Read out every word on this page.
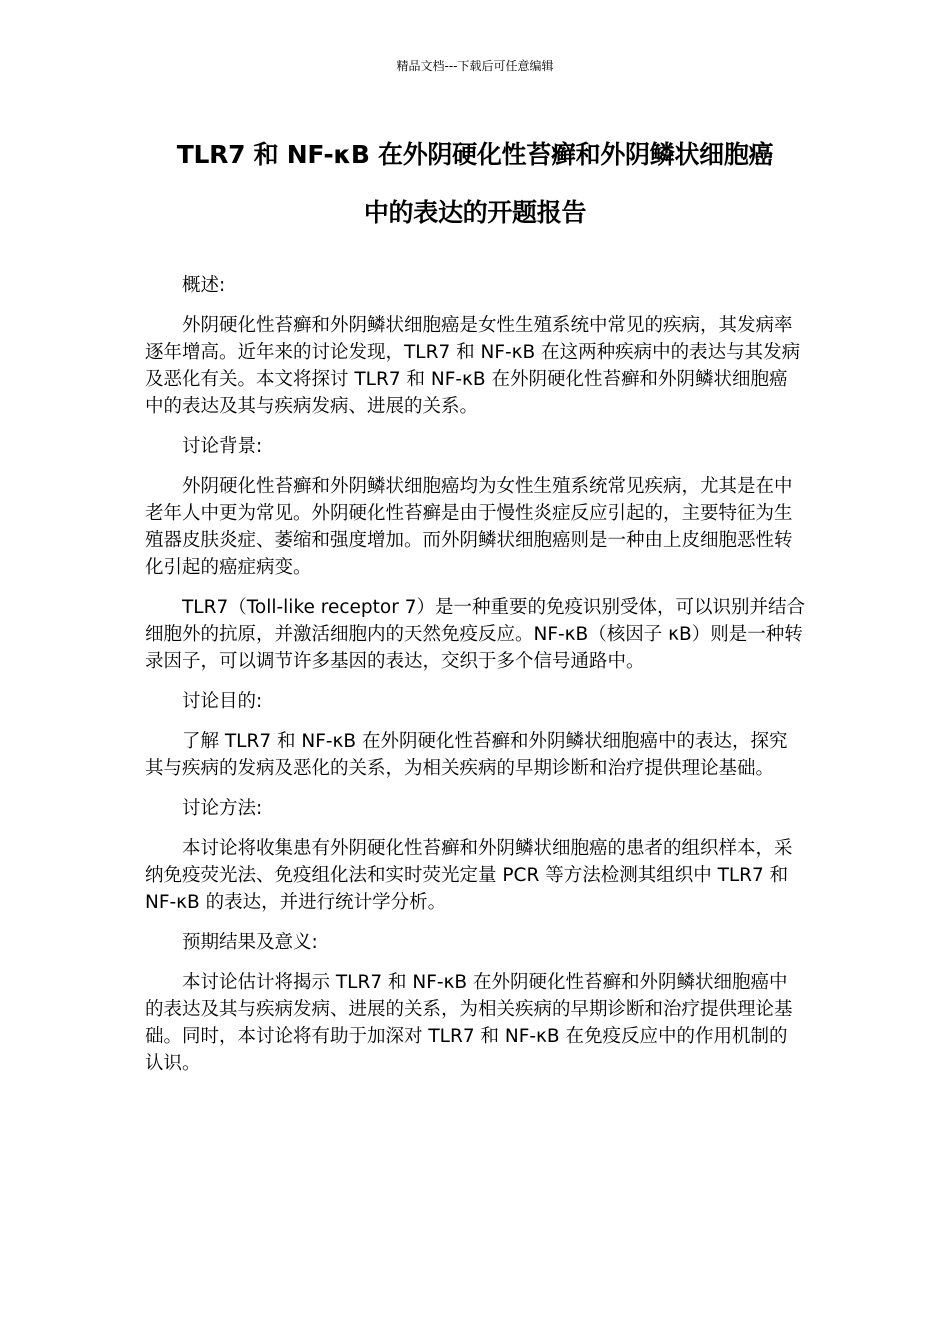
精品文档---下载后可任意编辑
TLR7 和 NF-κB 在外阴硬化性苔癣和外阴鳞状细胞癌
中的表达的开题报告

概述:

外阴硬化性苔癣和外阴鳞状细胞癌是女性生殖系统中常见的疾病，其发病率逐年增高。近年来的讨论发现，TLR7 和 NF-κB 在这两种疾病中的表达与其发病及恶化有关。本文将探讨 TLR7 和 NF-κB 在外阴硬化性苔癣和外阴鳞状细胞癌中的表达及其与疾病发病、进展的关系。

讨论背景:

外阴硬化性苔癣和外阴鳞状细胞癌均为女性生殖系统常见疾病，尤其是在中老年人中更为常见。外阴硬化性苔癣是由于慢性炎症反应引起的，主要特征为生殖器皮肤炎症、萎缩和强度增加。而外阴鳞状细胞癌则是一种由上皮细胞恶性转化引起的癌症病变。

TLR7（Toll-like receptor 7）是一种重要的免疫识别受体，可以识别并结合细胞外的抗原，并激活细胞内的天然免疫反应。NF-κB（核因子 κB）则是一种转录因子，可以调节许多基因的表达，交织于多个信号通路中。

讨论目的:

了解 TLR7 和 NF-κB 在外阴硬化性苔癣和外阴鳞状细胞癌中的表达，探究其与疾病的发病及恶化的关系，为相关疾病的早期诊断和治疗提供理论基础。

讨论方法:

本讨论将收集患有外阴硬化性苔癣和外阴鳞状细胞癌的患者的组织样本，采纳免疫荧光法、免疫组化法和实时荧光定量 PCR 等方法检测其组织中 TLR7 和 NF-κB 的表达，并进行统计学分析。

预期结果及意义:

本讨论估计将揭示 TLR7 和 NF-κB 在外阴硬化性苔癣和外阴鳞状细胞癌中的表达及其与疾病发病、进展的关系，为相关疾病的早期诊断和治疗提供理论基础。同时，本讨论将有助于加深对 TLR7 和 NF-κB 在免疫反应中的作用机制的认识。
